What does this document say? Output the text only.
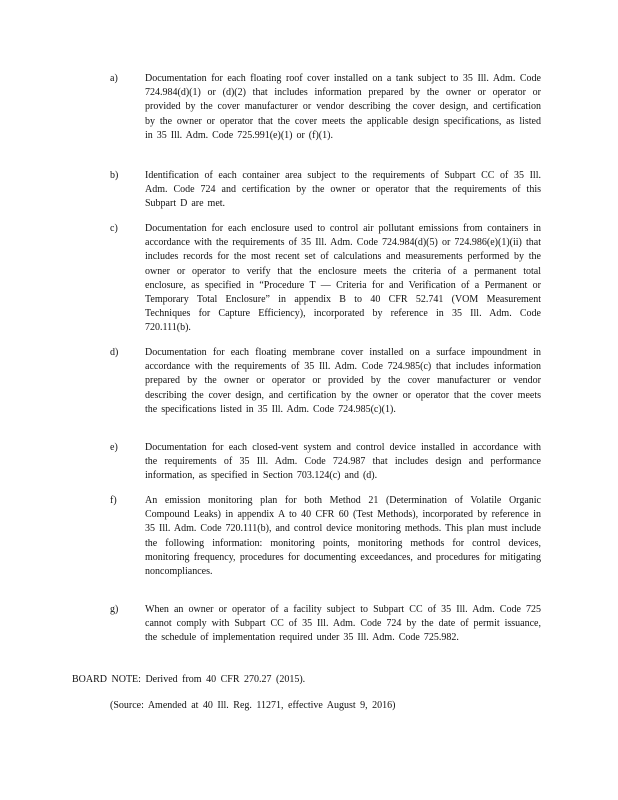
a)	Documentation for each floating roof cover installed on a tank subject to 35 Ill. Adm. Code 724.984(d)(1) or (d)(2) that includes information prepared by the owner or operator or provided by the cover manufacturer or vendor describing the cover design, and certification by the owner or operator that the cover meets the applicable design specifications, as listed in 35 Ill. Adm. Code 725.991(e)(1) or (f)(1).
b)	Identification of each container area subject to the requirements of Subpart CC of 35 Ill. Adm. Code 724 and certification by the owner or operator that the requirements of this Subpart D are met.
c)	Documentation for each enclosure used to control air pollutant emissions from containers in accordance with the requirements of 35 Ill. Adm. Code 724.984(d)(5) or 724.986(e)(1)(ii) that includes records for the most recent set of calculations and measurements performed by the owner or operator to verify that the enclosure meets the criteria of a permanent total enclosure, as specified in “Procedure T — Criteria for and Verification of a Permanent or Temporary Total Enclosure” in appendix B to 40 CFR 52.741 (VOM Measurement Techniques for Capture Efficiency), incorporated by reference in 35 Ill. Adm. Code 720.111(b).
d)	Documentation for each floating membrane cover installed on a surface impoundment in accordance with the requirements of 35 Ill. Adm. Code 724.985(c) that includes information prepared by the owner or operator or provided by the cover manufacturer or vendor describing the cover design, and certification by the owner or operator that the cover meets the specifications listed in 35 Ill. Adm. Code 724.985(c)(1).
e)	Documentation for each closed-vent system and control device installed in accordance with the requirements of 35 Ill. Adm. Code 724.987 that includes design and performance information, as specified in Section 703.124(c) and (d).
f)	An emission monitoring plan for both Method 21 (Determination of Volatile Organic Compound Leaks) in appendix A to 40 CFR 60 (Test Methods), incorporated by reference in 35 Ill. Adm. Code 720.111(b), and control device monitoring methods. This plan must include the following information: monitoring points, monitoring methods for control devices, monitoring frequency, procedures for documenting exceedances, and procedures for mitigating noncompliances.
g)	When an owner or operator of a facility subject to Subpart CC of 35 Ill. Adm. Code 725 cannot comply with Subpart CC of 35 Ill. Adm. Code 724 by the date of permit issuance, the schedule of implementation required under 35 Ill. Adm. Code 725.982.
BOARD NOTE: Derived from 40 CFR 270.27 (2015).
(Source: Amended at 40 Ill. Reg. 11271, effective August 9, 2016)
